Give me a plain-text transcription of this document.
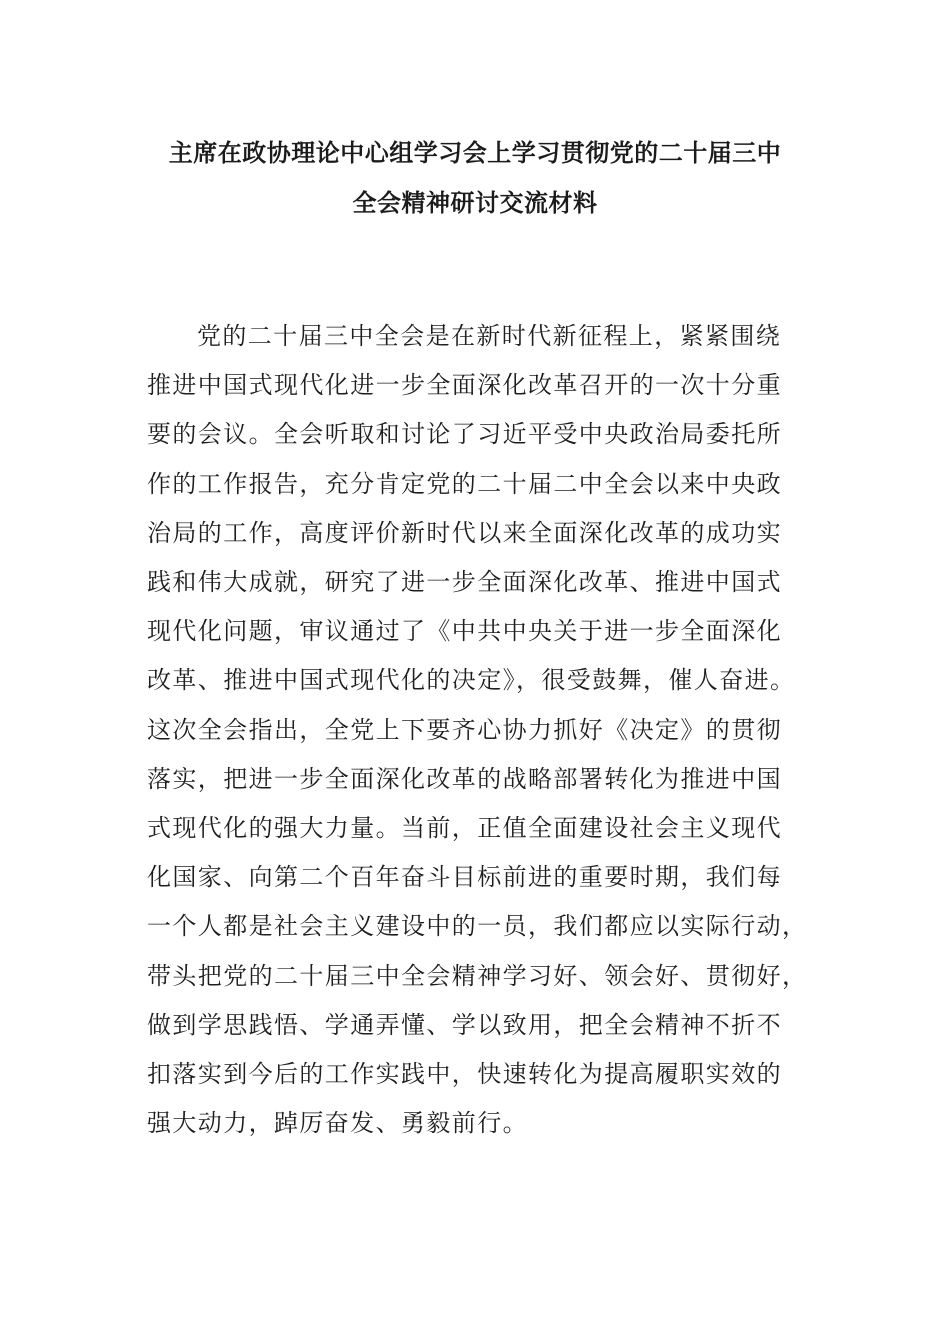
主席在政协理论中心组学习会上学习贯彻党的二十届三中
全会精神研讨交流材料
党的二十届三中全会是在新时代新征程上，紧紧围绕
推进中国式现代化进一步全面深化改革召开的一次十分重
要的会议。全会听取和讨论了习近平受中央政治局委托所
作的工作报告，充分肯定党的二十届二中全会以来中央政
治局的工作，高度评价新时代以来全面深化改革的成功实
践和伟大成就，研究了进一步全面深化改革、推进中国式
现代化问题，审议通过了《中共中央关于进一步全面深化
改革、推进中国式现代化的决定》，很受鼓舞，催人奋进。
这次全会指出，全党上下要齐心协力抓好《决定》的贯彻
落实，把进一步全面深化改革的战略部署转化为推进中国
式现代化的强大力量。当前，正值全面建设社会主义现代
化国家、向第二个百年奋斗目标前进的重要时期，我们每
一个人都是社会主义建设中的一员，我们都应以实际行动，
带头把党的二十届三中全会精神学习好、领会好、贯彻好，
做到学思践悟、学通弄懂、学以致用，把全会精神不折不
扣落实到今后的工作实践中，快速转化为提高履职实效的
强大动力，踔厉奋发、勇毅前行。
